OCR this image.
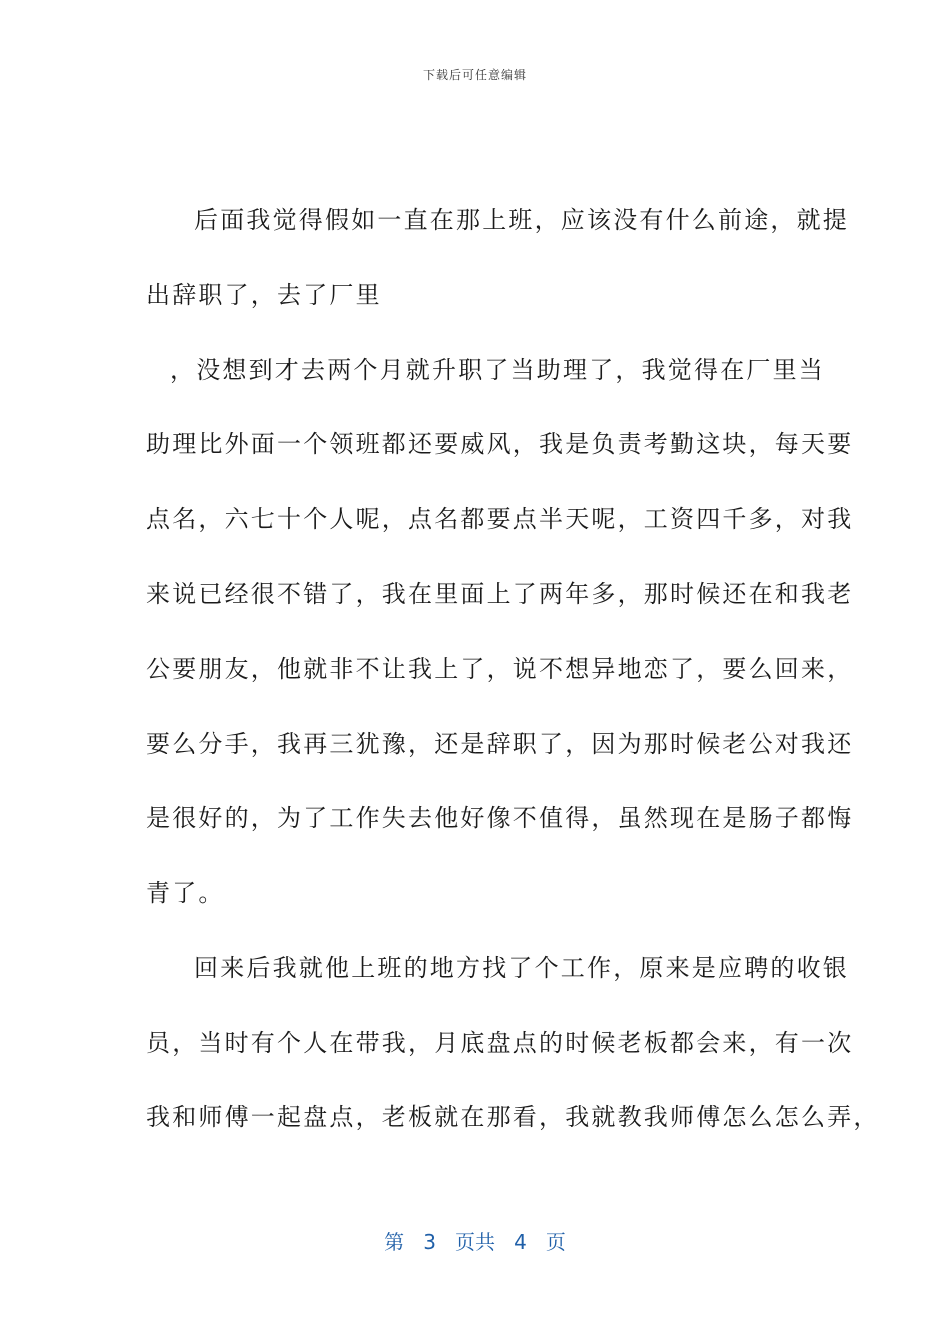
下载后可任意编辑
后面我觉得假如一直在那上班，应该没有什么前途，就提
出辞职了，去了厂里
，没想到才去两个月就升职了当助理了，我觉得在厂里当
助理比外面一个领班都还要威风，我是负责考勤这块，每天要
点名，六七十个人呢，点名都要点半天呢，工资四千多，对我
来说已经很不错了，我在里面上了两年多，那时候还在和我老
公要朋友，他就非不让我上了，说不想异地恋了，要么回来，
要么分手，我再三犹豫，还是辞职了，因为那时候老公对我还
是很好的，为了工作失去他好像不值得，虽然现在是肠子都悔
青了。
回来后我就他上班的地方找了个工作，原来是应聘的收银
员，当时有个人在带我，月底盘点的时候老板都会来，有一次
我和师傅一起盘点，老板就在那看，我就教我师傅怎么怎么弄，
第 3 页共 4 页
